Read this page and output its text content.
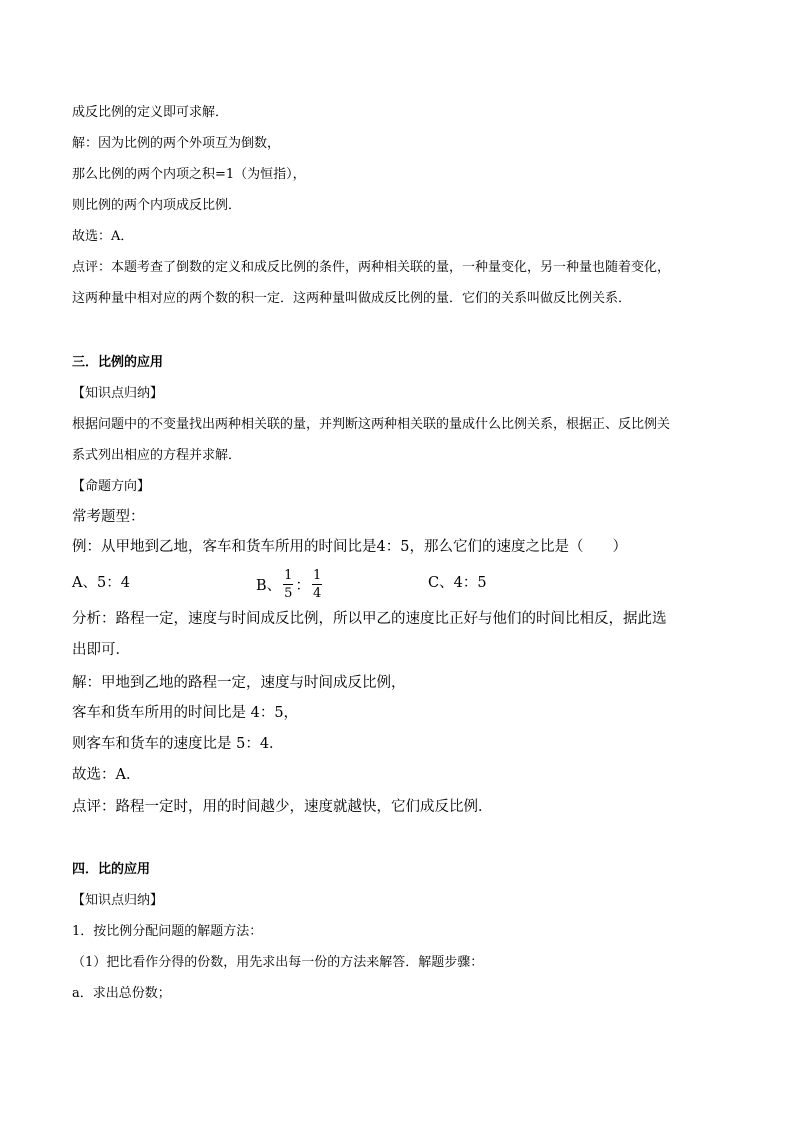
成反比例的定义即可求解．

解：因为比例的两个外项互为倒数，

那么比例的两个内项之积=1（为恒指），

则比例的两个内项成反比例．

故选：A．

点评：本题考查了倒数的定义和成反比例的条件，两种相关联的量，一种量变化，另一种量也随着变化，

这两种量中相对应的两个数的积一定．这两种量叫做成反比例的量．它们的关系叫做反比例关系．

三．比例的应用

【知识点归纳】

根据问题中的不变量找出两种相关联的量，并判断这两种相关联的量成什么比例关系，根据正、反比例关

系式列出相应的方程并求解．

【命题方向】

常考题型：

例：从甲地到乙地，客车和货车所用的时间比是4：5，那么它们的速度之比是（　　）

A、5：4	B、 $\frac{1}{5}$ ： $\frac{1}{4}$	C、4：5

分析：路程一定，速度与时间成反比例，所以甲乙的速度比正好与他们的时间比相反，据此选

出即可．

解：甲地到乙地的路程一定，速度与时间成反比例，

客车和货车所用的时间比是 4：5，

则客车和货车的速度比是 5：4．

故选：A．

点评：路程一定时，用的时间越少，速度就越快，它们成反比例．

四．比的应用

【知识点归纳】

1．按比例分配问题的解题方法：

（1）把比看作分得的份数，用先求出每一份的方法来解答．解题步骤：

a．求出总份数；
